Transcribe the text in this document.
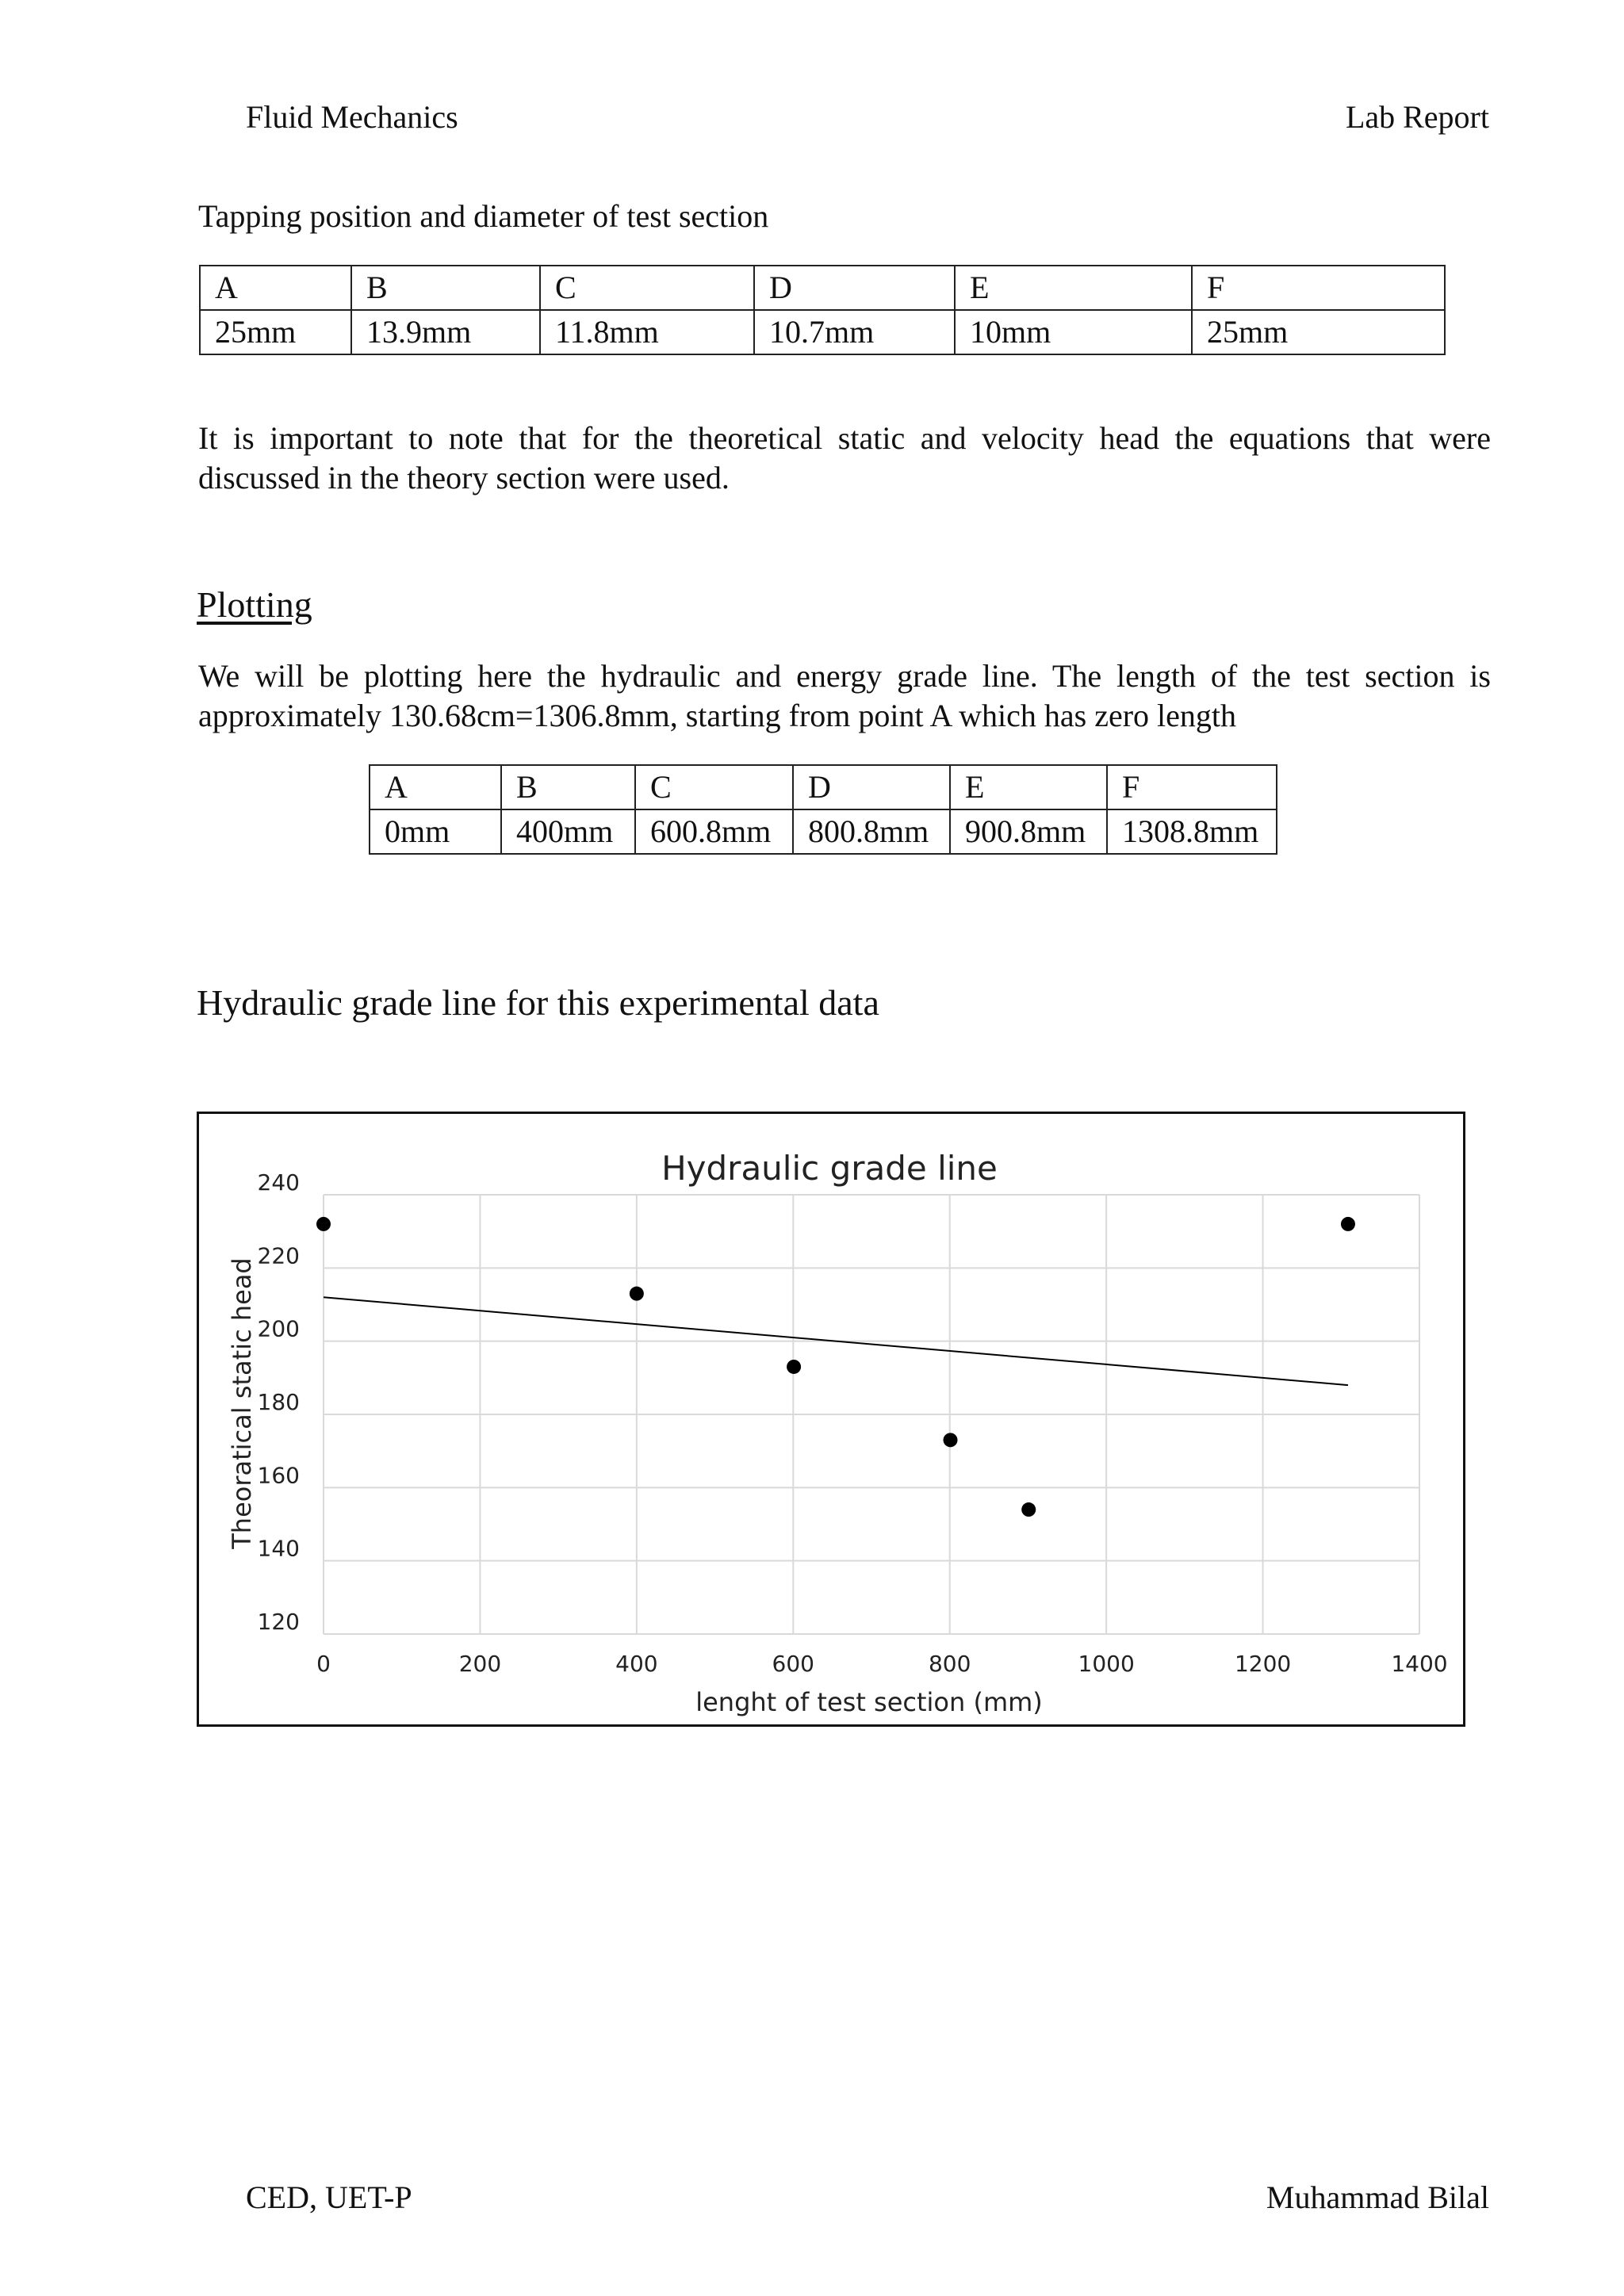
Fluid Mechanics	Lab Report
Tapping position and diameter of test section
A	B	C	D	E	F
25mm	13.9mm	11.8mm	10.7mm	10mm	25mm
It is important to note that for the theoretical static and velocity head the equations that were discussed in the theory section were used.
Plotting
We will be plotting here the hydraulic and energy grade line. The length of the test section is approximately 130.68cm=1306.8mm, starting from point A which has zero length
A	B	C	D	E	F
0mm	400mm	600.8mm	800.8mm	900.8mm	1308.8mm
Hydraulic grade line for this experimental data
0	200	400	600	800	1000	1200	1400
120
140
160
180
200
220
240	Hydraulic grade line
lenght of test section (mm)
Theoratical static head
CED, UET-P	Muhammad Bilal
